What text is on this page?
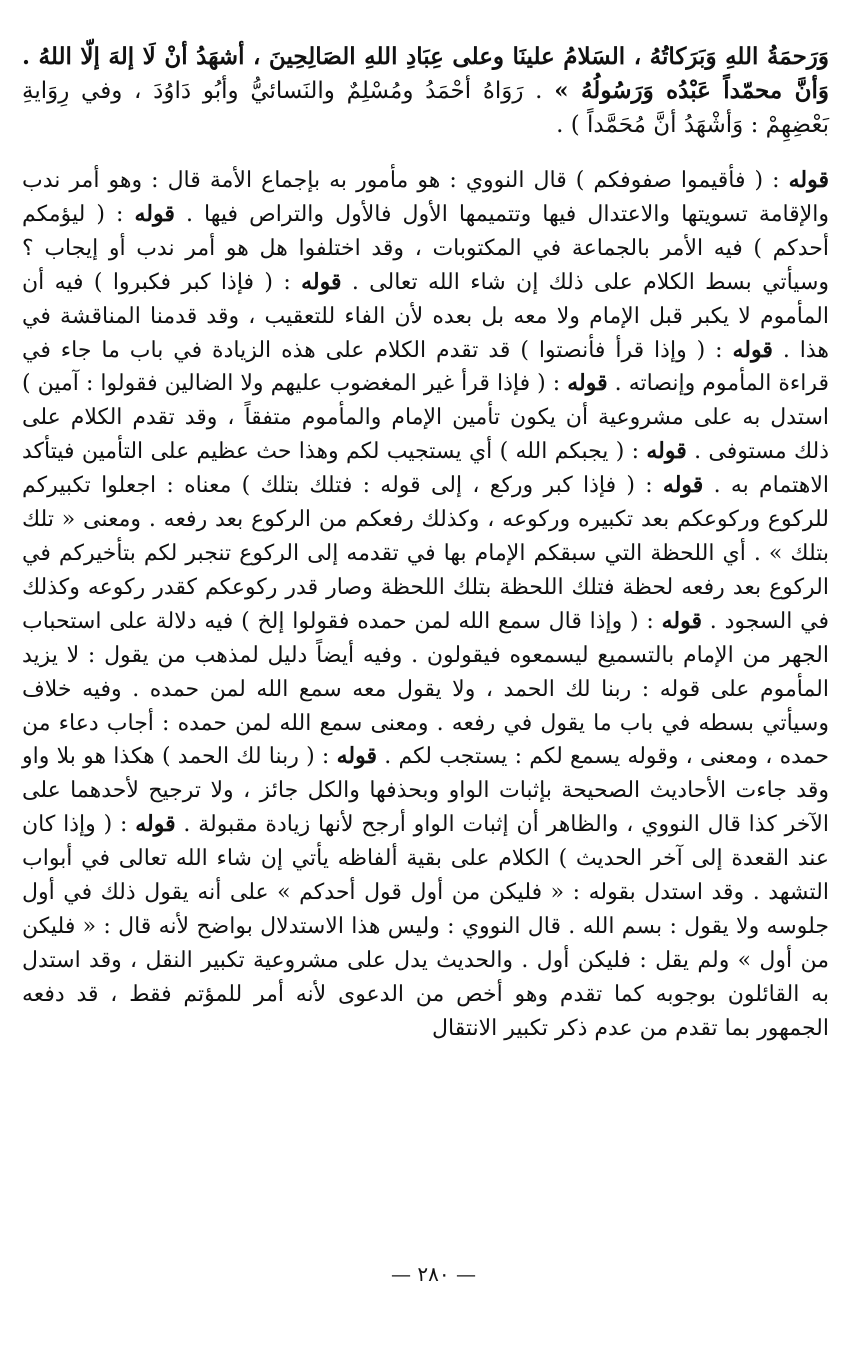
وَرَحمَةُ اللهِ وَبَرَكاتُهُ ، السَلامُ علينَا وعلى عِبَادِ اللهِ الصَالِحِينَ ، أشهَدُ أنْ لَا إلهَ إلّا اللهُ . وَأنَّ محمّداً عَبْدُه وَرَسُولُهُ » . رَوَاهُ أحْمَدُ ومُسْلِمٌ والنَسائيُّ وأبُو دَاوُدَ ، وفي رِوَايةِ بَعْضِهِمْ : وَأشْهَدُ أنَّ مُحَمَّداً ) .

قوله : ( فأقيموا صفوفكم ) قال النووي : هو مأمور به بإجماع الأمة قال : وهو أمر ندب والإقامة تسويتها والاعتدال فيها وتتميمها الأول فالأول والتراص فيها . قوله : ( ليؤمكم أحدكم ) فيه الأمر بالجماعة في المكتوبات ، وقد اختلفوا هل هو أمر ندب أو إيجاب ؟ وسيأتي بسط الكلام على ذلك إن شاء الله تعالى . قوله : ( فإذا كبر فكبروا ) فيه أن المأموم لا يكبر قبل الإمام ولا معه بل بعده لأن الفاء للتعقيب ، وقد قدمنا المناقشة في هذا . قوله : ( وإذا قرأ فأنصتوا ) قد تقدم الكلام على هذه الزيادة في باب ما جاء في قراءة المأموم وإنصاته . قوله : ( فإذا قرأ غير المغضوب عليهم ولا الضالين فقولوا : آمين ) استدل به على مشروعية أن يكون تأمين الإمام والمأموم متفقاً ، وقد تقدم الكلام على ذلك مستوفى . قوله : ( يجبكم الله ) أي يستجيب لكم وهذا حث عظيم على التأمين فيتأكد الاهتمام به . قوله : ( فإذا كبر وركع ، إلى قوله : فتلك بتلك ) معناه : اجعلوا تكبيركم للركوع وركوعكم بعد تكبيره وركوعه ، وكذلك رفعكم من الركوع بعد رفعه . ومعنى « تلك بتلك » . أي اللحظة التي سبقكم الإمام بها في تقدمه إلى الركوع تنجبر لكم بتأخيركم في الركوع بعد رفعه لحظة فتلك اللحظة بتلك اللحظة وصار قدر ركوعكم كقدر ركوعه وكذلك في السجود . قوله : ( وإذا قال سمع الله لمن حمده فقولوا إلخ ) فيه دلالة على استحباب الجهر من الإمام بالتسميع ليسمعوه فيقولون . وفيه أيضاً دليل لمذهب من يقول : لا يزيد المأموم على قوله : ربنا لك الحمد ، ولا يقول معه سمع الله لمن حمده . وفيه خلاف وسيأتي بسطه في باب ما يقول في رفعه . ومعنى سمع الله لمن حمده : أجاب دعاء من حمده ، ومعنى ، وقوله يسمع لكم : يستجب لكم . قوله : ( ربنا لك الحمد ) هكذا هو بلا واو وقد جاءت الأحاديث الصحيحة بإثبات الواو وبحذفها والكل جائز ، ولا ترجيح لأحدهما على الآخر كذا قال النووي ، والظاهر أن إثبات الواو أرجح لأنها زيادة مقبولة . قوله : ( وإذا كان عند القعدة إلى آخر الحديث ) الكلام على بقية ألفاظه يأتي إن شاء الله تعالى في أبواب التشهد . وقد استدل بقوله : « فليكن من أول قول أحدكم » على أنه يقول ذلك في أول جلوسه ولا يقول : بسم الله . قال النووي : وليس هذا الاستدلال بواضح لأنه قال : « فليكن من أول » ولم يقل : فليكن أول . والحديث يدل على مشروعية تكبير النقل ، وقد استدل به القائلون بوجوبه كما تقدم وهو أخص من الدعوى لأنه أمر للمؤتم فقط ، قد دفعه الجمهور بما تقدم من عدم ذكر تكبير الانتقال

— ٢٨٠ —
